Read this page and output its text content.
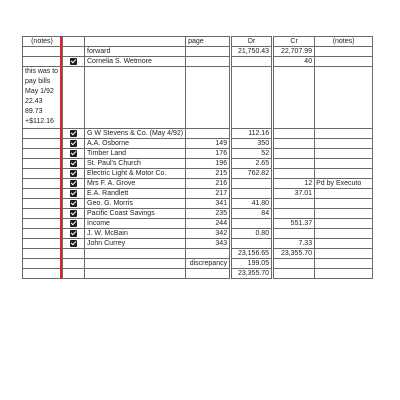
(notes)				page	Dr	Cr	(notes)
			forward		21,750.43	22,707.99	
			Cornelia S. Wetmore			40	
this was to pay bills May 1/92 22.43 89.73 +$112.16							
			G W Stevens & Co. (May 4/92)		112.16		
			A.A. Osborne	149	350		
			Timber Land	176	52		
			St. Paul's Church	196	2.65		
			Electric Light & Motor Co.	215	762.82		
			Mrs F. A. Grove	216		12	Pd by Executo
			E.A. Randlett	217		37.01	
			Geo. G. Morris	341	41.80		
			Pacific Coast Savings	235	84		
			Income	244		551.37	
			J. W. McBain	342	0.80		
			John Currey	343		7.33	
					23,156.65	23,355.70	
				discrepancy	199.05		
					23,355.70		
